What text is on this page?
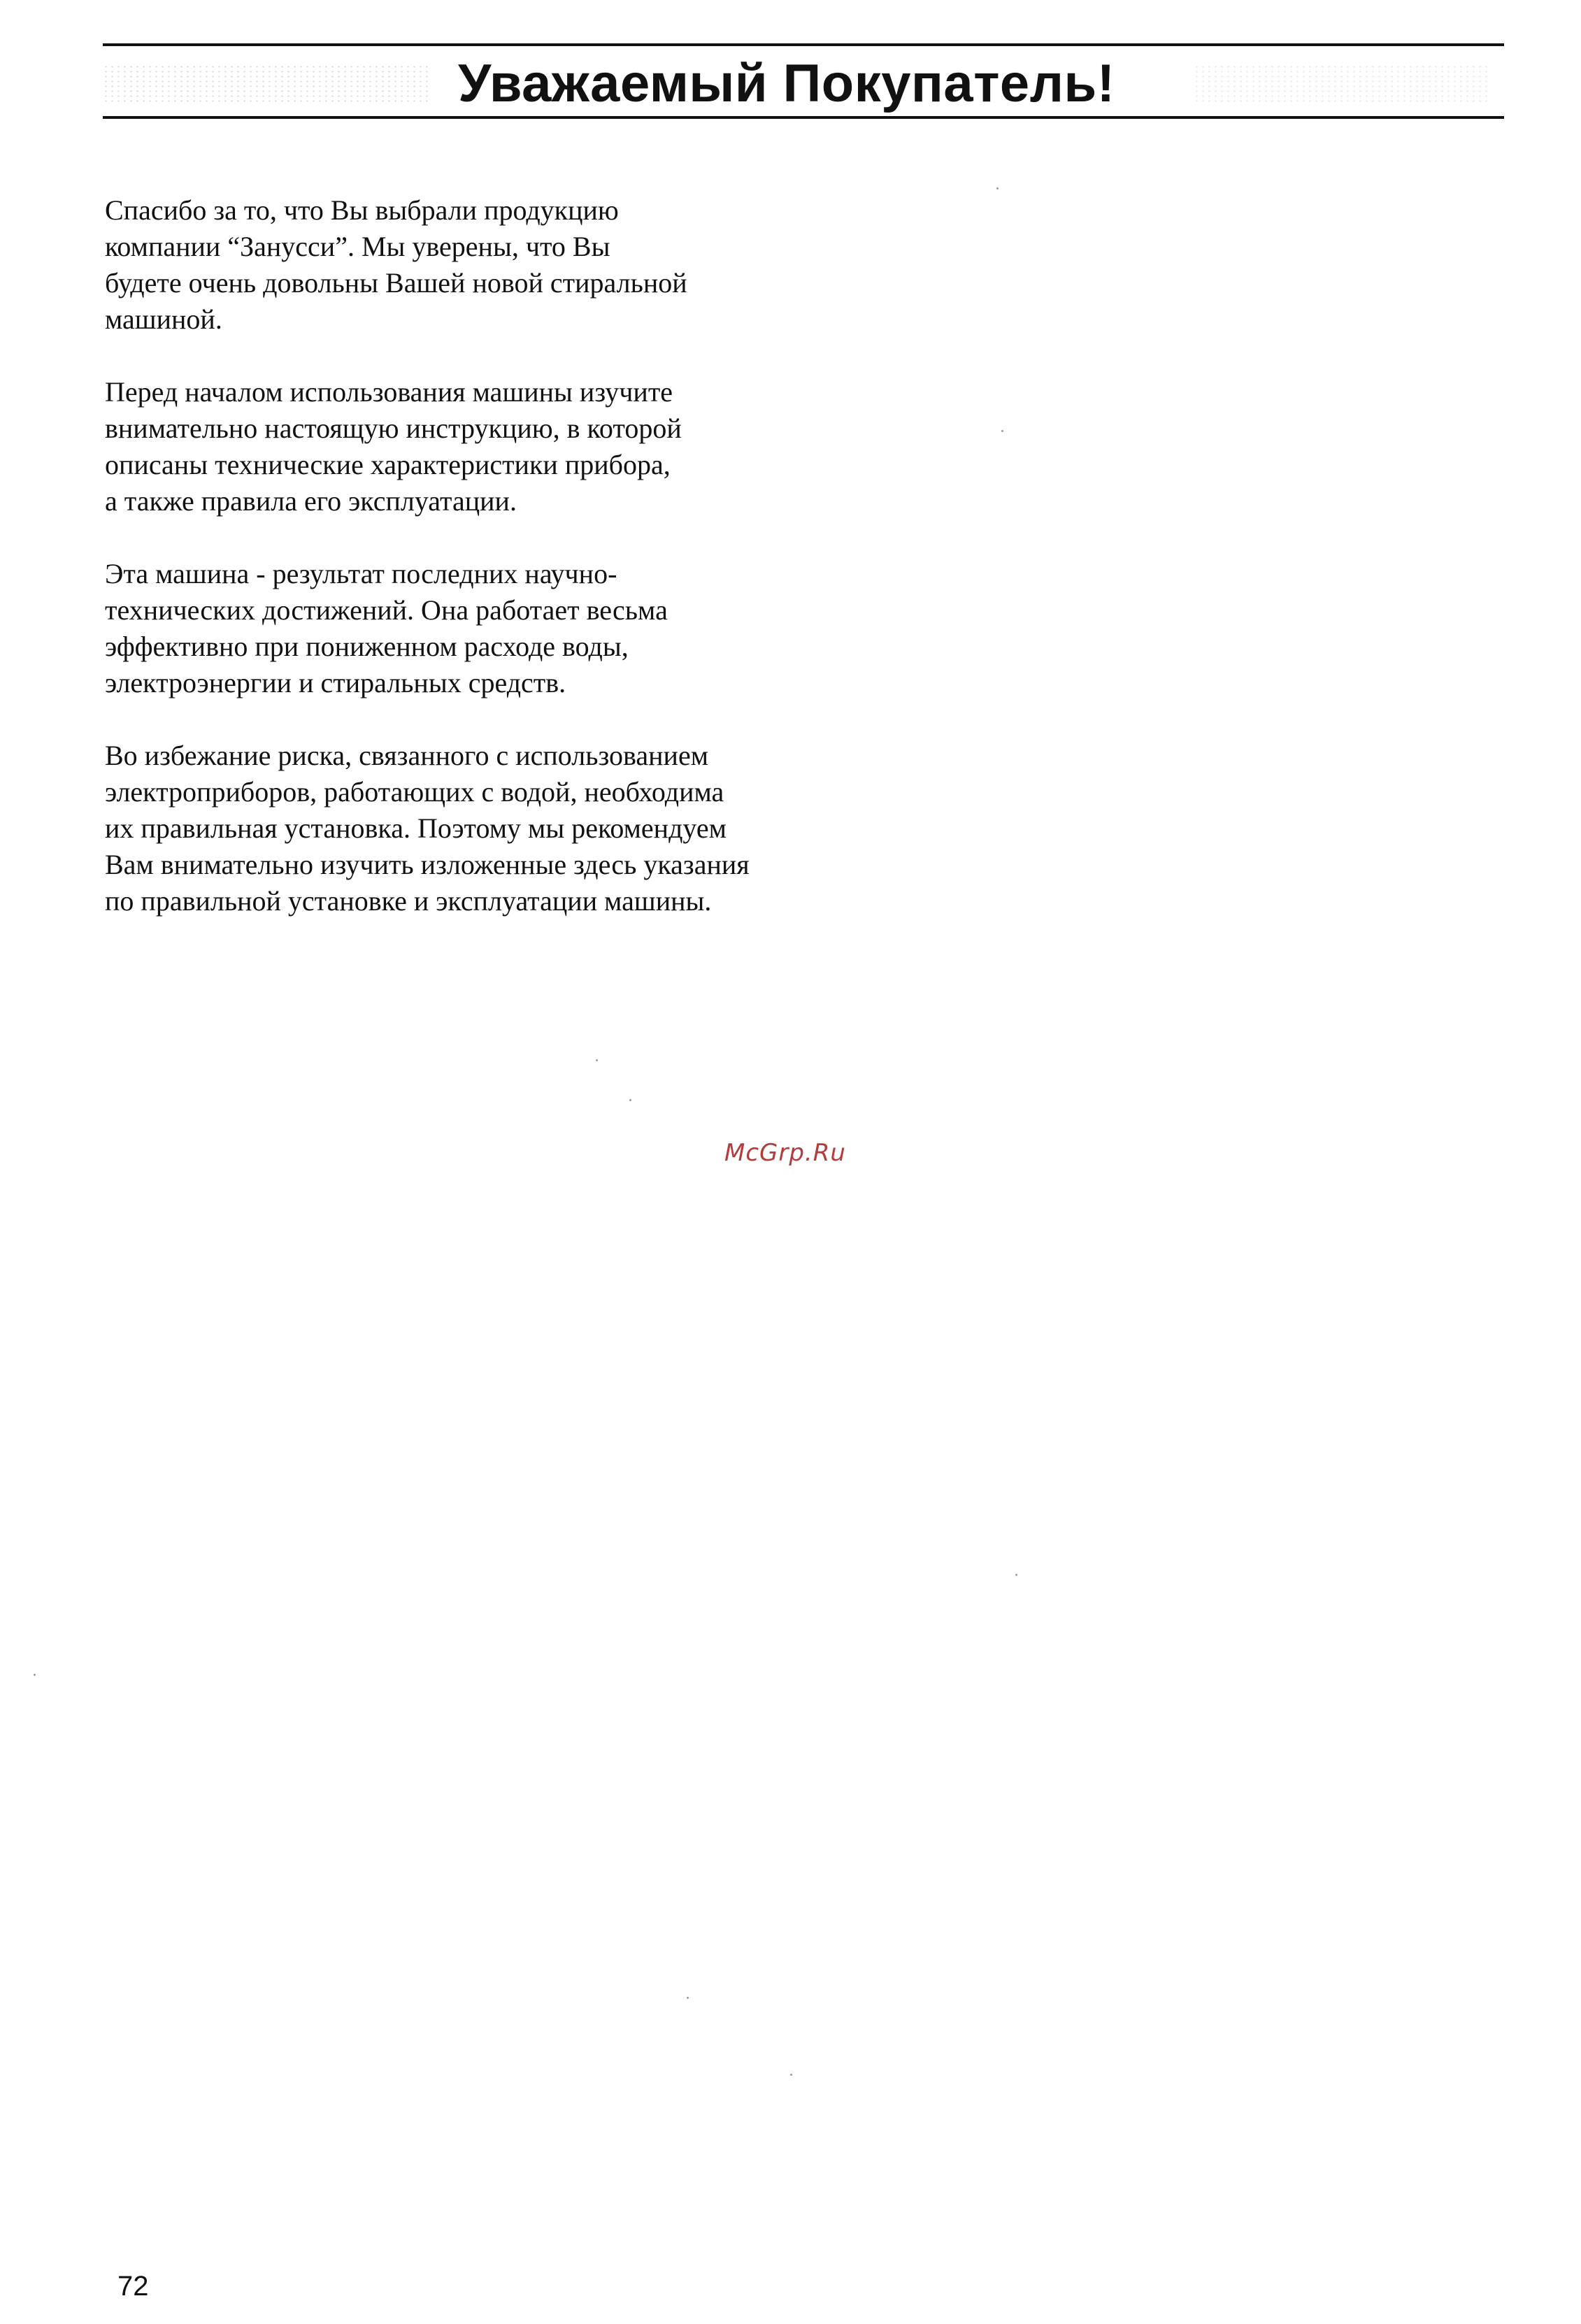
Уважаемый Покупатель!

Спасибо за то, что Вы выбрали продукцию
компании “Занусси”. Мы уверены, что Вы
будете очень довольны Вашей новой стиральной
машиной.

Перед началом использования машины изучите
внимательно настоящую инструкцию, в которой
описаны технические характеристики прибора,
а также правила его эксплуатации.

Эта машина - результат последних научно-
технических достижений. Она работает весьма
эффективно при пониженном расходе воды,
электроэнергии и стиральных средств.

Во избежание риска, связанного с использованием
электроприборов, работающих с водой, необходима
их правильная установка. Поэтому мы рекомендуем
Вам внимательно изучить изложенные здесь указания
по правильной установке и эксплуатации машины.

McGrp.Ru
72
